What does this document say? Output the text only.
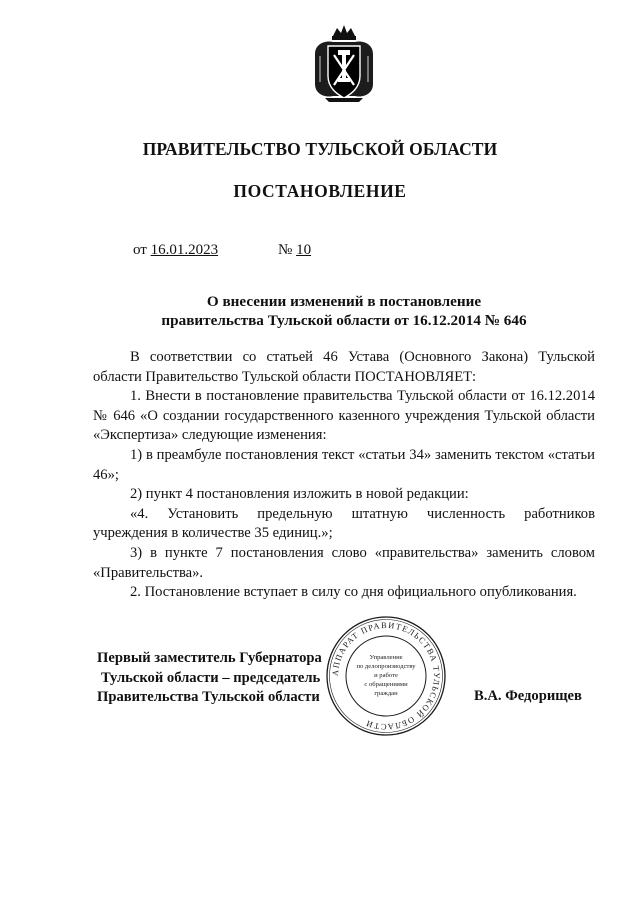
ПРАВИТЕЛЬСТВО ТУЛЬСКОЙ ОБЛАСТИ
ПОСТАНОВЛЕНИЕ
от 16.01.2023	№ 10
О внесении изменений в постановление
правительства Тульской области от 16.12.2014 № 646

В соответствии со статьей 46 Устава (Основного Закона) Тульской области Правительство Тульской области ПОСТАНОВЛЯЕТ:

1. Внести в постановление правительства Тульской области от 16.12.2014 № 646 «О создании государственного казенного учреждения Тульской области «Экспертиза» следующие изменения:

1) в преамбуле постановления текст «статьи 34» заменить текстом «статьи 46»;

2) пункт 4 постановления изложить в новой редакции:

«4. Установить предельную штатную численность работников учреждения в количестве 35 единиц.»;

3) в пункте 7 постановления слово «правительства» заменить словом «Правительства».

2. Постановление вступает в силу со дня официального опубликования.

Первый заместитель Губернатора
Тульской области – председатель
Правительства Тульской области	В.А. Федорищев
АППАРАТ ПРАВИТЕЛЬСТВА ТУЛЬСКОЙ ОБЛАСТИ
Управление
по делопроизводству
и работе
с обращениями
граждан
